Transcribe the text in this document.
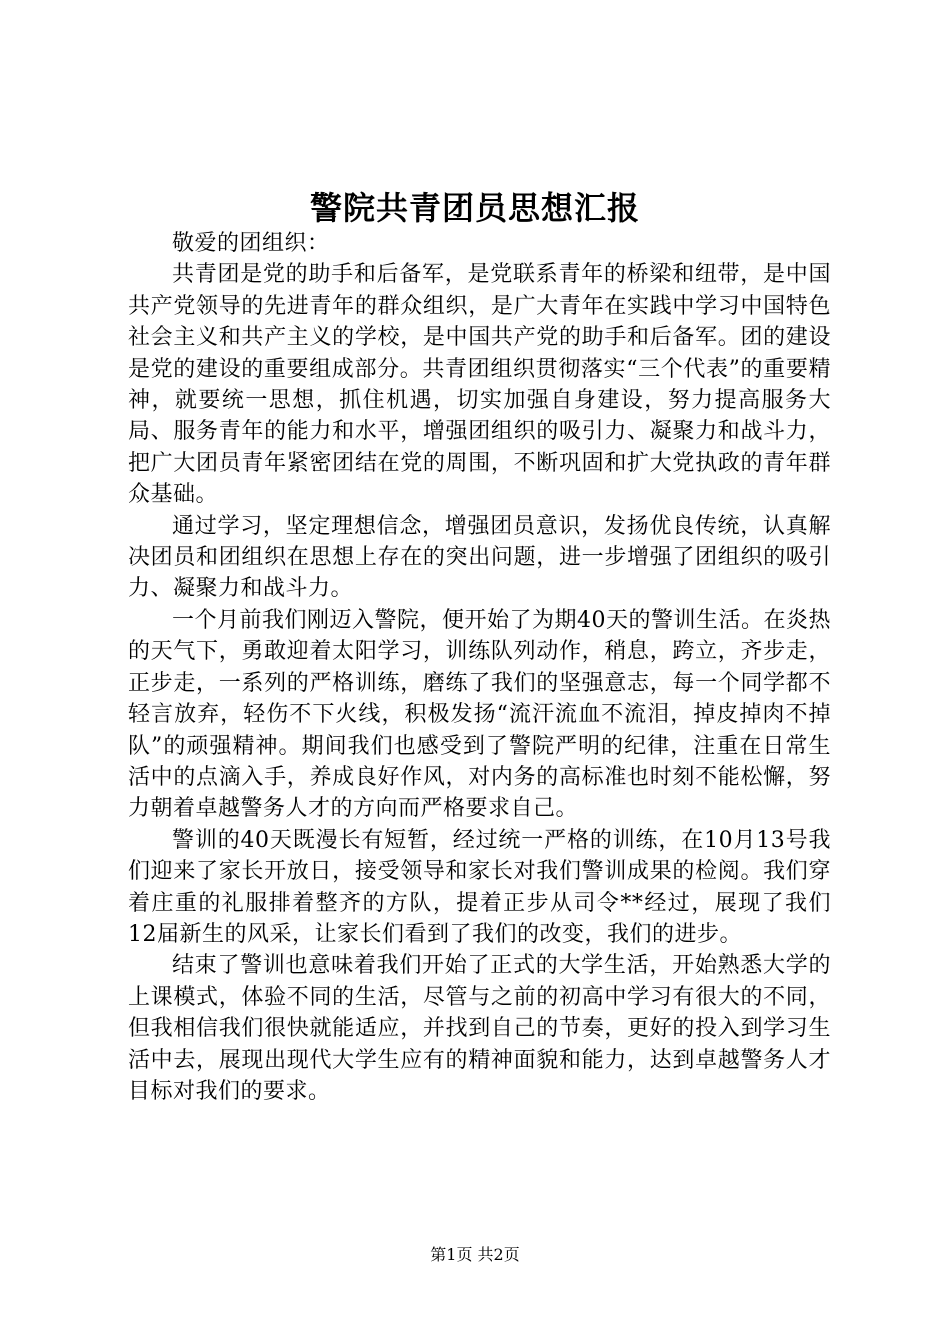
警院共青团员思想汇报

敬爱的团组织：

共青团是党的助手和后备军，是党联系青年的桥梁和纽带，是中国共产党领导的先进青年的群众组织，是广大青年在实践中学习中国特色社会主义和共产主义的学校，是中国共产党的助手和后备军。团的建设是党的建设的重要组成部分。共青团组织贯彻落实“三个代表”的重要精神，就要统一思想，抓住机遇，切实加强自身建设，努力提高服务大局、服务青年的能力和水平，增强团组织的吸引力、凝聚力和战斗力，把广大团员青年紧密团结在党的周围，不断巩固和扩大党执政的青年群众基础。

通过学习，坚定理想信念，增强团员意识，发扬优良传统，认真解决团员和团组织在思想上存在的突出问题，进一步增强了团组织的吸引力、凝聚力和战斗力。

一个月前我们刚迈入警院，便开始了为期40天的警训生活。在炎热的天气下，勇敢迎着太阳学习，训练队列动作，稍息，跨立，齐步走，正步走，一系列的严格训练，磨练了我们的坚强意志，每一个同学都不轻言放弃，轻伤不下火线，积极发扬“流汗流血不流泪，掉皮掉肉不掉队”的顽强精神。期间我们也感受到了警院严明的纪律，注重在日常生活中的点滴入手，养成良好作风，对内务的高标准也时刻不能松懈，努力朝着卓越警务人才的方向而严格要求自己。

警训的40天既漫长有短暂，经过统一严格的训练，在10月13号我们迎来了家长开放日，接受领导和家长对我们警训成果的检阅。我们穿着庄重的礼服排着整齐的方队，提着正步从司令**经过，展现了我们12届新生的风采，让家长们看到了我们的改变，我们的进步。

结束了警训也意味着我们开始了正式的大学生活，开始熟悉大学的上课模式，体验不同的生活，尽管与之前的初高中学习有很大的不同，但我相信我们很快就能适应，并找到自己的节奏，更好的投入到学习生活中去，展现出现代大学生应有的精神面貌和能力，达到卓越警务人才目标对我们的要求。

第1页 共2页
